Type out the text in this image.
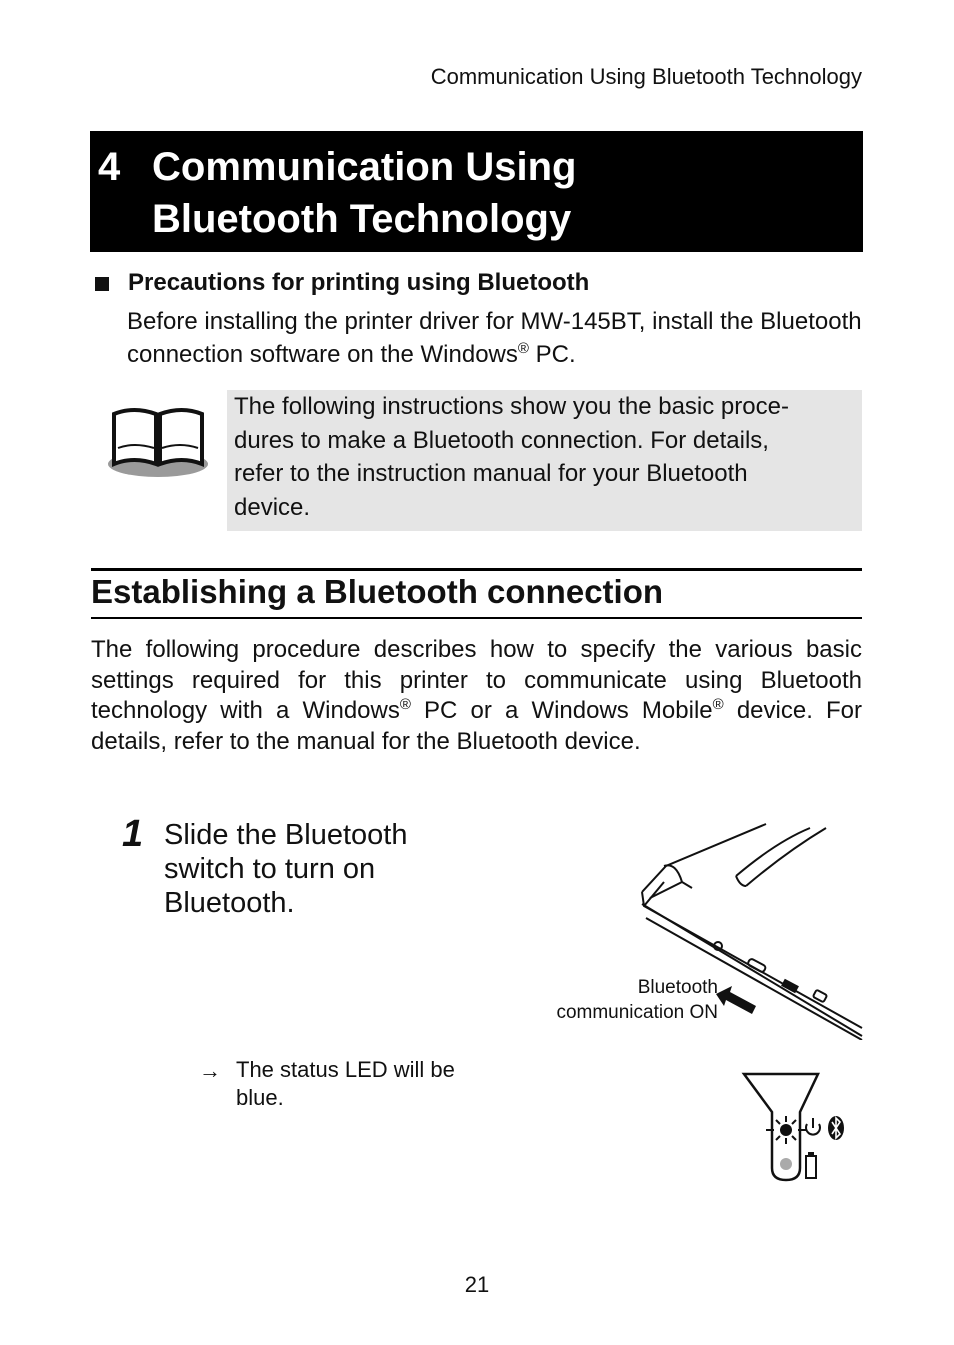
Communication Using Bluetooth Technology
4 Communication Using
Bluetooth Technology
Precautions for printing using Bluetooth
Before installing the printer driver for MW-145BT, install the Bluetooth connection software on the Windows® PC.
The following instructions show you the basic proce-
dures to make a Bluetooth connection. For details,
refer to the instruction manual for your Bluetooth
device.
Establishing a Bluetooth connection
The following procedure describes how to specify the various basic settings required for this printer to communicate using Bluetooth technology with a Windows® PC or a Windows Mobile® device. For details, refer to the manual for the Bluetooth device.
1 Slide the Bluetooth
switch to turn on
Bluetooth.
→ The status LED will be blue.
Bluetooth
communication ON
21
